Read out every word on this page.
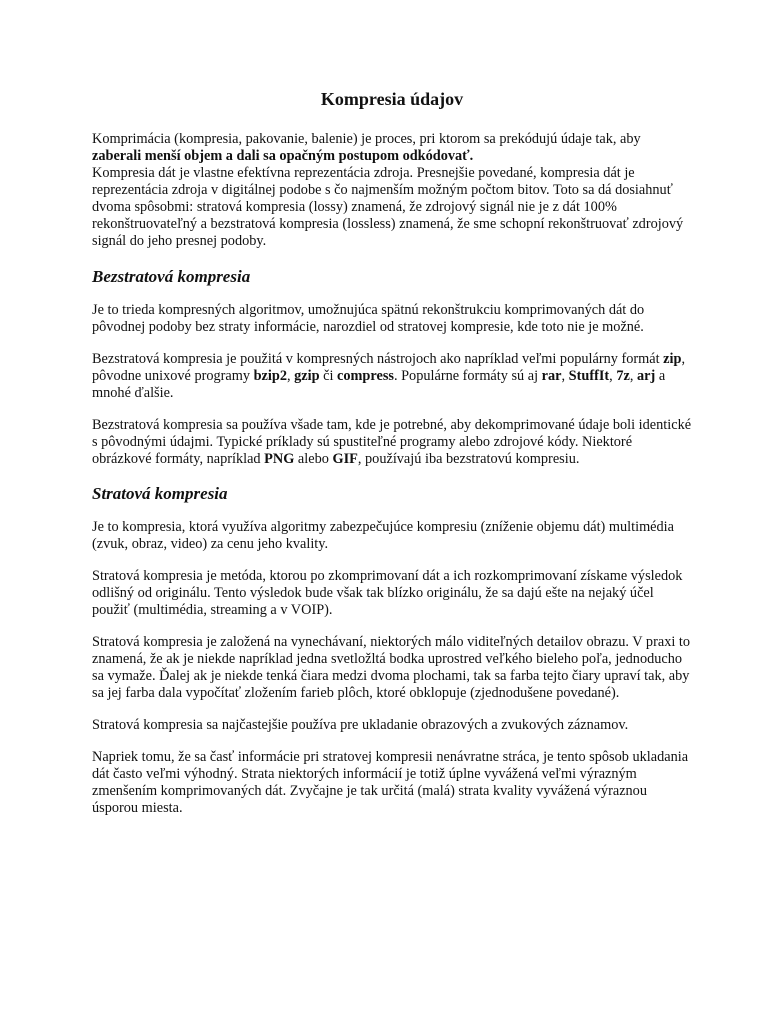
Kompresia údajov

Komprimácia (kompresia, pakovanie, balenie) je proces, pri ktorom sa prekódujú údaje tak, aby zaberali menší objem a dali sa opačným postupom odkódovať.

Kompresia dát je vlastne efektívna reprezentácia zdroja. Presnejšie povedané, kompresia dát je reprezentácia zdroja v digitálnej podobe s čo najmenším možným počtom bitov. Toto sa dá dosiahnuť dvoma spôsobmi: stratová kompresia (lossy) znamená, že zdrojový signál nie je z dát 100% rekonštruovateľný a bezstratová kompresia (lossless) znamená, že sme schopní rekonštruovať zdrojový signál do jeho presnej podoby.

Bezstratová kompresia

Je to trieda kompresných algoritmov, umožnujúca spätnú rekonštrukciu komprimovaných dát do pôvodnej podoby bez straty informácie, narozdiel od stratovej kompresie, kde toto nie je možné.

Bezstratová kompresia je použitá v kompresných nástrojoch ako napríklad veľmi populárny formát zip, pôvodne unixové programy bzip2, gzip či compress. Populárne formáty sú aj rar, StuffIt, 7z, arj a mnohé ďalšie.

Bezstratová kompresia sa používa všade tam, kde je potrebné, aby dekomprimované údaje boli identické s pôvodnými údajmi. Typické príklady sú spustiteľné programy alebo zdrojové kódy. Niektoré obrázkové formáty, napríklad PNG alebo GIF, používajú iba bezstratovú kompresiu.

Stratová kompresia

Je to kompresia, ktorá využíva algoritmy zabezpečujúce kompresiu (zníženie objemu dát) multimédia (zvuk, obraz, video) za cenu jeho kvality.

Stratová kompresia je metóda, ktorou po zkomprimovaní dát a ich rozkomprimovaní získame výsledok odlišný od originálu. Tento výsledok bude však tak blízko originálu, že sa dajú ešte na nejaký účel použiť (multimédia, streaming a v VOIP).

Stratová kompresia je založená na vynechávaní, niektorých málo viditeľných detailov obrazu. V praxi to znamená, že ak je niekde napríklad jedna svetložltá bodka uprostred veľkého bieleho poľa, jednoducho sa vymaže. Ďalej ak je niekde tenká čiara medzi dvoma plochami, tak sa farba tejto čiary upraví tak, aby sa jej farba dala vypočítať zložením farieb plôch, ktoré obklopuje (zjednodušene povedané).

Stratová kompresia sa najčastejšie používa pre ukladanie obrazových a zvukových záznamov.

Napriek tomu, že sa časť informácie pri stratovej kompresii nenávratne stráca, je tento spôsob ukladania dát často veľmi výhodný. Strata niektorých informácií je totiž úplne vyvážená veľmi výrazným zmenšením komprimovaných dát. Zvyčajne je tak určitá (malá) strata kvality vyvážená výraznou úsporou miesta.
